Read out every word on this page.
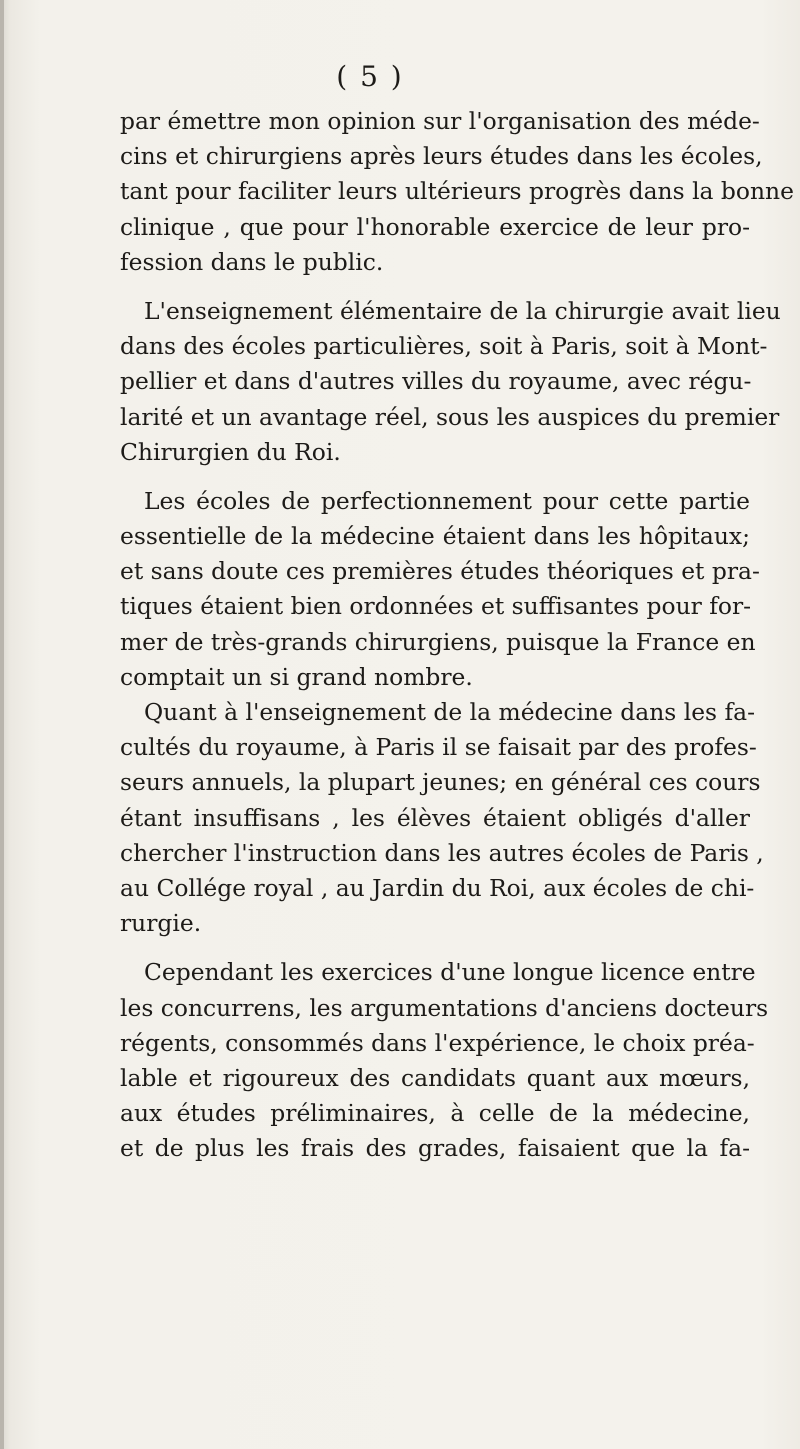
( 5 )
par émettre mon opinion sur l'organisation des méde-
cins et chirurgiens après leurs études dans les écoles,
tant pour faciliter leurs ultérieurs progrès dans la bonne
clinique , que pour l'honorable exercice de leur pro-
fession dans le public.
L'enseignement élémentaire de la chirurgie avait lieu
dans des écoles particulières, soit à Paris, soit à Mont-
pellier et dans d'autres villes du royaume, avec régu-
larité et un avantage réel, sous les auspices du premier
Chirurgien du Roi.
Les écoles de perfectionnement pour cette partie
essentielle de la médecine étaient dans les hôpitaux;
et sans doute ces premières études théoriques et pra-
tiques étaient bien ordonnées et suffisantes pour for-
mer de très-grands chirurgiens, puisque la France en
comptait un si grand nombre.
Quant à l'enseignement de la médecine dans les fa-
cultés du royaume, à Paris il se faisait par des profes-
seurs annuels, la plupart jeunes; en général ces cours
étant insuffisans , les élèves étaient obligés d'aller
chercher l'instruction dans les autres écoles de Paris ,
au Collége royal , au Jardin du Roi, aux écoles de chi-
rurgie.
Cependant les exercices d'une longue licence entre
les concurrens, les argumentations d'anciens docteurs
régents, consommés dans l'expérience, le choix préa-
lable et rigoureux des candidats quant aux mœurs,
aux études préliminaires, à celle de la médecine,
et de plus les frais des grades, faisaient que la fa-
